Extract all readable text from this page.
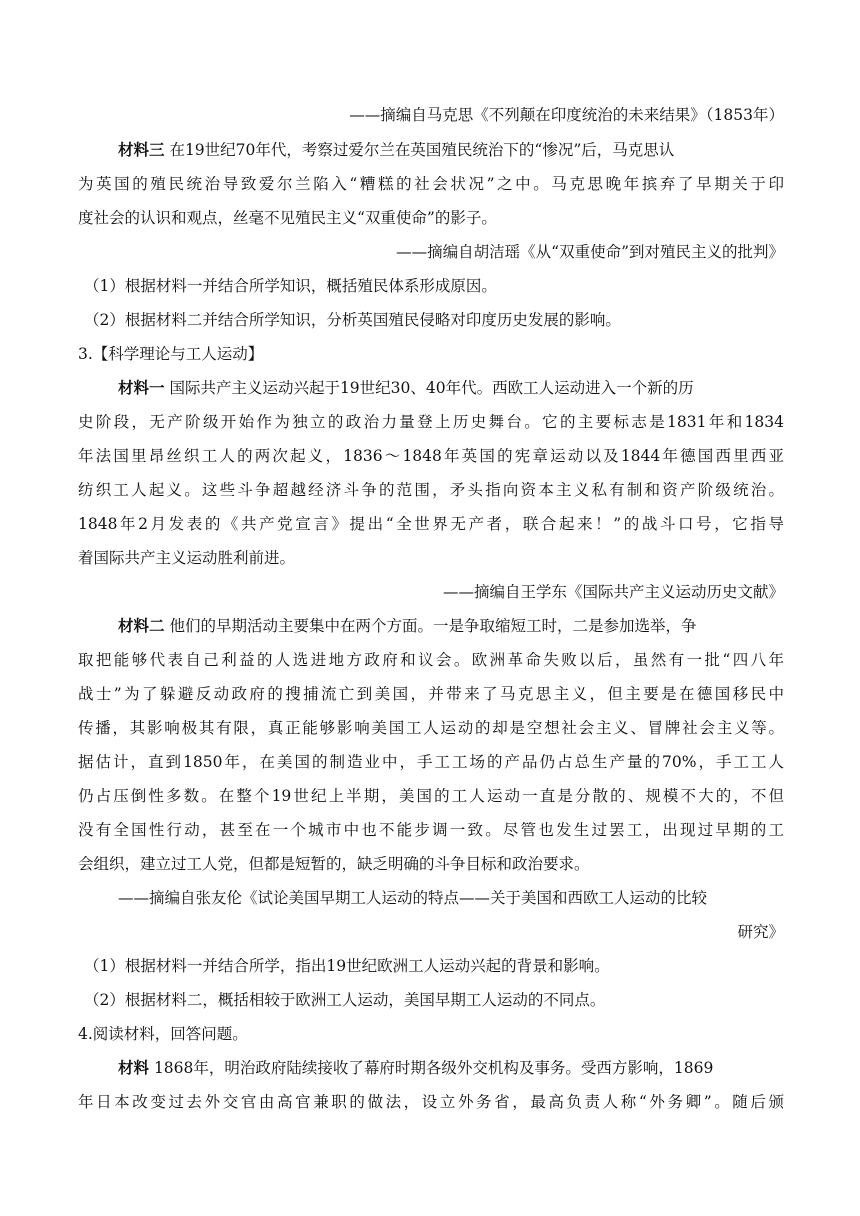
——摘编自马克思《不列颠在印度统治的未来结果》（1853年）
材料三 在19世纪70年代，考察过爱尔兰在英国殖民统治下的“惨况”后，马克思认
为英国的殖民统治导致爱尔兰陷入“糟糕的社会状况”之中。马克思晚年摈弃了早期关于印
度社会的认识和观点，丝毫不见殖民主义“双重使命”的影子。
——摘编自胡洁瑶《从“双重使命”到对殖民主义的批判》
（1）根据材料一并结合所学知识，概括殖民体系形成原因。
（2）根据材料二并结合所学知识，分析英国殖民侵略对印度历史发展的影响。
3.【科学理论与工人运动】
材料一 国际共产主义运动兴起于19世纪30、40年代。西欧工人运动进入一个新的历
史阶段，无产阶级开始作为独立的政治力量登上历史舞台。它的主要标志是1831年和1834
年法国里昂丝织工人的两次起义，1836～1848年英国的宪章运动以及1844年德国西里西亚
纺织工人起义。这些斗争超越经济斗争的范围，矛头指向资本主义私有制和资产阶级统治。
1848年2月发表的《共产党宣言》提出“全世界无产者，联合起来！”的战斗口号，它指导
着国际共产主义运动胜利前进。
——摘编自王学东《国际共产主义运动历史文献》
材料二 他们的早期活动主要集中在两个方面。一是争取缩短工时，二是参加选举，争
取把能够代表自己利益的人选进地方政府和议会。欧洲革命失败以后，虽然有一批“四八年
战士”为了躲避反动政府的搜捕流亡到美国，并带来了马克思主义，但主要是在德国移民中
传播，其影响极其有限，真正能够影响美国工人运动的却是空想社会主义、冒牌社会主义等。
据估计，直到1850年，在美国的制造业中，手工工场的产品仍占总生产量的70%，手工工人
仍占压倒性多数。在整个19世纪上半期，美国的工人运动一直是分散的、规模不大的，不但
没有全国性行动，甚至在一个城市中也不能步调一致。尽管也发生过罢工，出现过早期的工
会组织，建立过工人党，但都是短暂的，缺乏明确的斗争目标和政治要求。
——摘编自张友伦《试论美国早期工人运动的特点——关于美国和西欧工人运动的比较
研究》
（1）根据材料一并结合所学，指出19世纪欧洲工人运动兴起的背景和影响。
（2）根据材料二，概括相较于欧洲工人运动，美国早期工人运动的不同点。
4.阅读材料，回答问题。
材料 1868年，明治政府陆续接收了幕府时期各级外交机构及事务。受西方影响，1869
年日本改变过去外交官由高官兼职的做法，设立外务省，最高负责人称“外务卿”。随后颁
